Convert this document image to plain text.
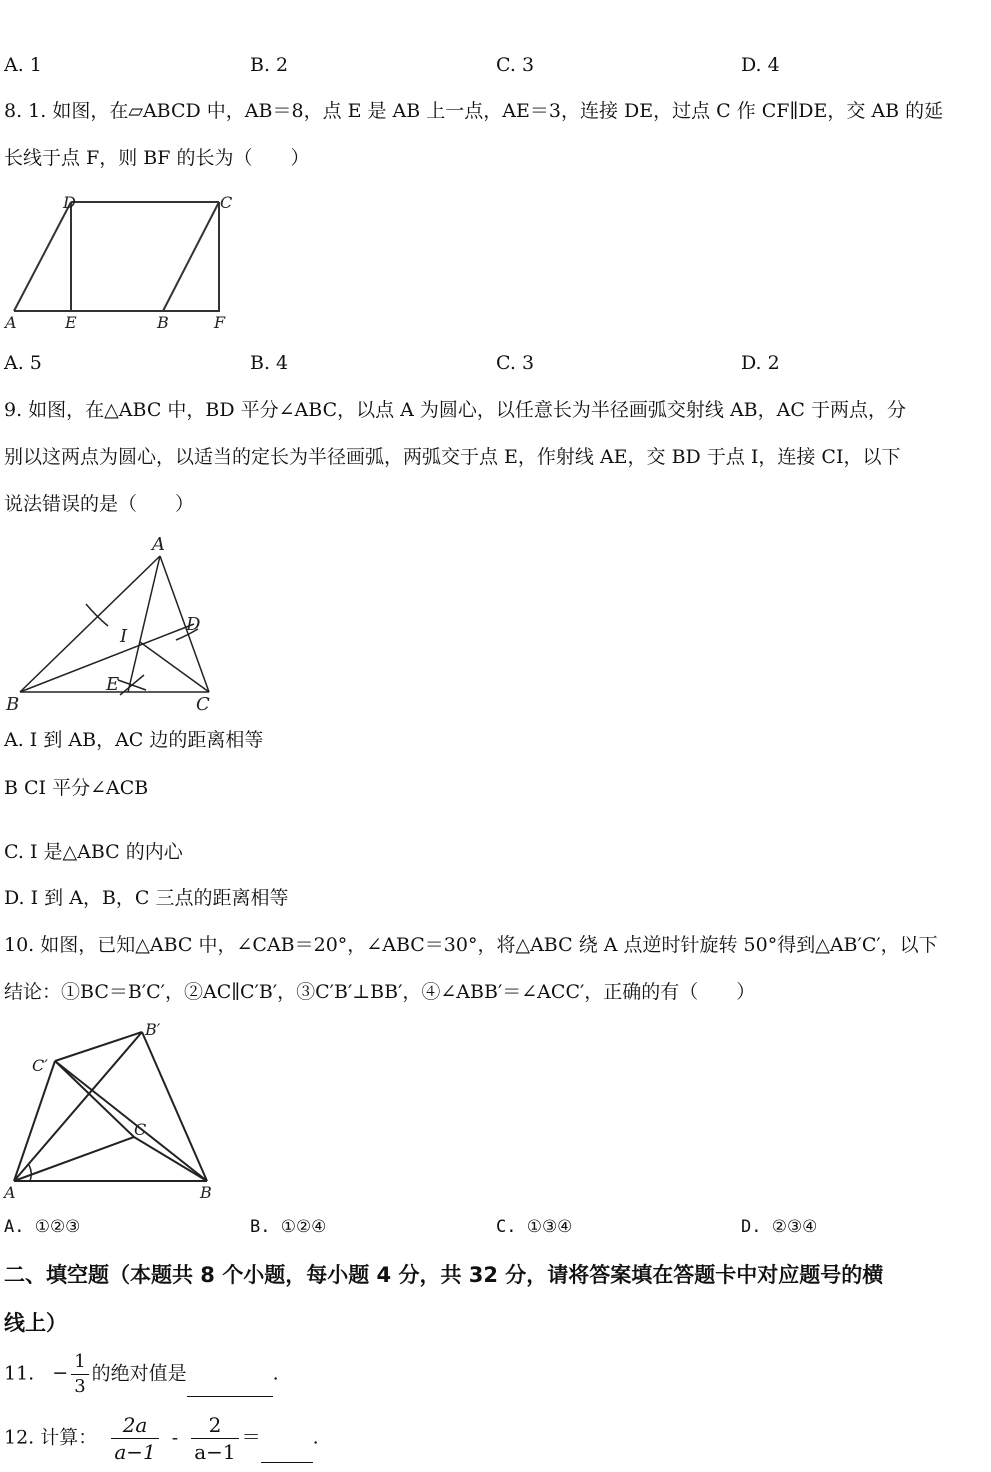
A. 1	B. 2	C. 3	D. 4
8. 1. 如图，在▱ABCD 中，AB＝8，点 E 是 AB 上一点，AE＝3，连接 DE，过点 C 作 CF∥DE，交 AB 的延
长线于点 F，则 BF 的长为（　　）
D	C
A	E	B	F
A. 5	B. 4	C. 3	D. 2
9. 如图，在△ABC 中，BD 平分∠ABC，以点 A 为圆心，以任意长为半径画弧交射线 AB，AC 于两点，分
别以这两点为圆心，以适当的定长为半径画弧，两弧交于点 E，作射线 AE，交 BD 于点 I，连接 CI，以下
说法错误的是（　　）
A
D
I
E
B	C
A. I 到 AB，AC 边的距离相等
B CI 平分∠ACB
C. I 是△ABC 的内心
D. I 到 A，B，C 三点的距离相等
10. 如图，已知△ABC 中，∠CAB＝20°，∠ABC＝30°，将△ABC 绕 A 点逆时针旋转 50°得到△AB′C′，以下
结论：①BC＝B′C′，②AC∥C′B′，③C′B′⊥BB′，④∠ABB′＝∠ACC′，正确的有（　　）
B′
C′
C
A	B
A. ①②③	B. ①②④	C. ①③④	D. ②③④
二、填空题（本题共 8 个小题，每小题 4 分，共 32 分，请将答案填在答题卡中对应题号的横
线上）
11. − $\frac{1}{3}$ 的绝对值是	.
12. 计算： $\frac{2a}{a-1} - \frac{2}{a-1}$ ＝	.
